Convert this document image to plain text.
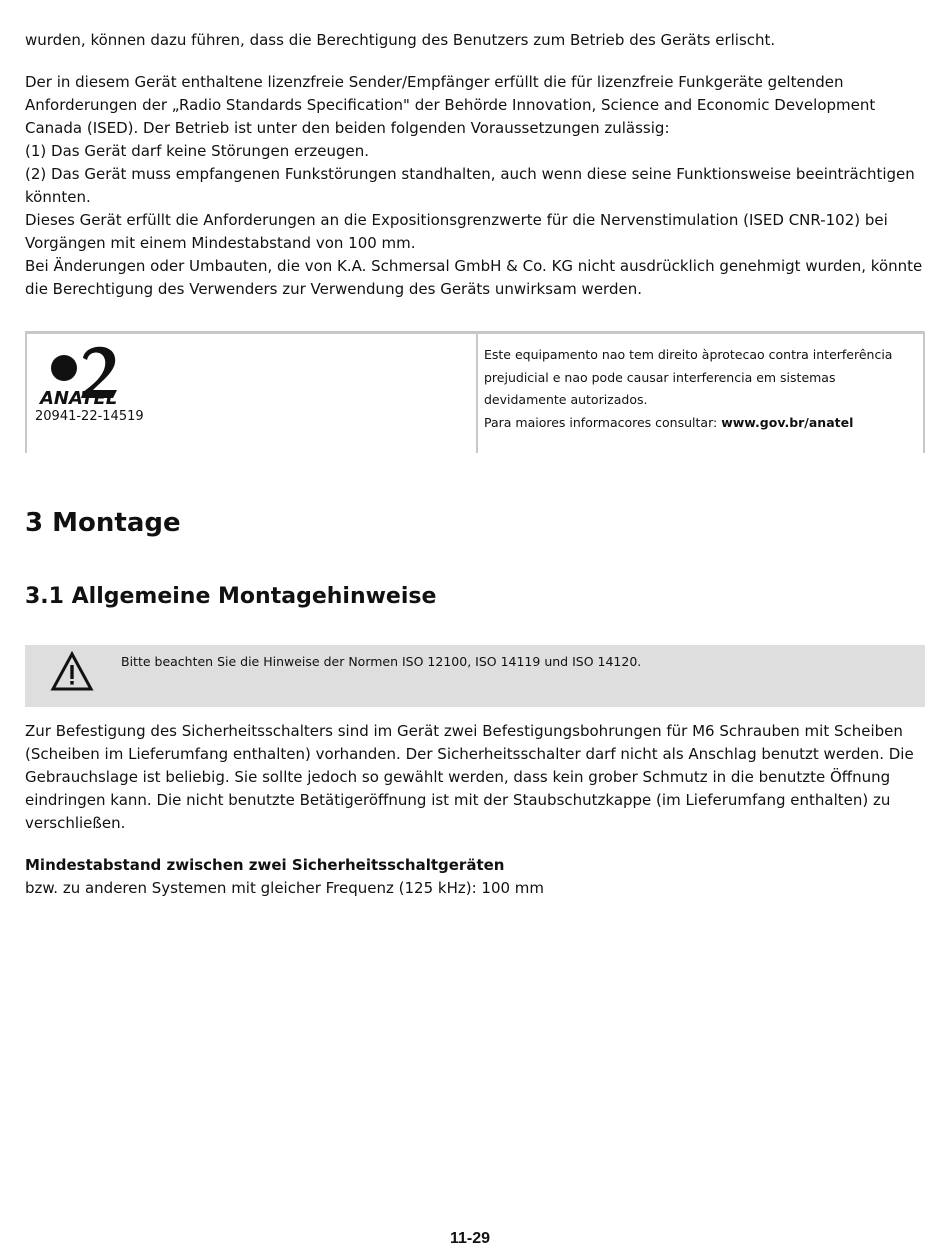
wurden, können dazu führen, dass die Berechtigung des Benutzers zum Betrieb des Geräts erlischt.

Der in diesem Gerät enthaltene lizenzfreie Sender/Empfänger erfüllt die für lizenzfreie Funkgeräte geltenden
Anforderungen der „Radio Standards Specification" der Behörde Innovation, Science and Economic Development
Canada (ISED). Der Betrieb ist unter den beiden folgenden Voraussetzungen zulässig:
(1) Das Gerät darf keine Störungen erzeugen.
(2) Das Gerät muss empfangenen Funkstörungen standhalten, auch wenn diese seine Funktionsweise beeinträchtigen
könnten.
Dieses Gerät erfüllt die Anforderungen an die Expositionsgrenzwerte für die Nervenstimulation (ISED CNR-102) bei
Vorgängen mit einem Mindestabstand von 100 mm.
Bei Änderungen oder Umbauten, die von K.A. Schmersal GmbH & Co. KG nicht ausdrücklich genehmigt wurden, könnte
die Berechtigung des Verwenders zur Verwendung des Geräts unwirksam werden.

ANATEL
20941-22-14519
Este equipamento nao tem direito àprotecao contra interferência
prejudicial e nao pode causar interferencia em sistemas
devidamente autorizados.
Para maiores informacores consultar: www.gov.br/anatel
3 Montage
3.1 Allgemeine Montagehinweise
Bitte beachten Sie die Hinweise der Normen ISO 12100, ISO 14119 und ISO 14120.

Zur Befestigung des Sicherheitsschalters sind im Gerät zwei Befestigungsbohrungen für M6 Schrauben mit Scheiben
(Scheiben im Lieferumfang enthalten) vorhanden. Der Sicherheitsschalter darf nicht als Anschlag benutzt werden. Die
Gebrauchslage ist beliebig. Sie sollte jedoch so gewählt werden, dass kein grober Schmutz in die benutzte Öffnung
eindringen kann. Die nicht benutzte Betätigeröffnung ist mit der Staubschutzkappe (im Lieferumfang enthalten) zu
verschließen.

Mindestabstand zwischen zwei Sicherheitsschaltgeräten
bzw. zu anderen Systemen mit gleicher Frequenz (125 kHz): 100 mm

11-29
